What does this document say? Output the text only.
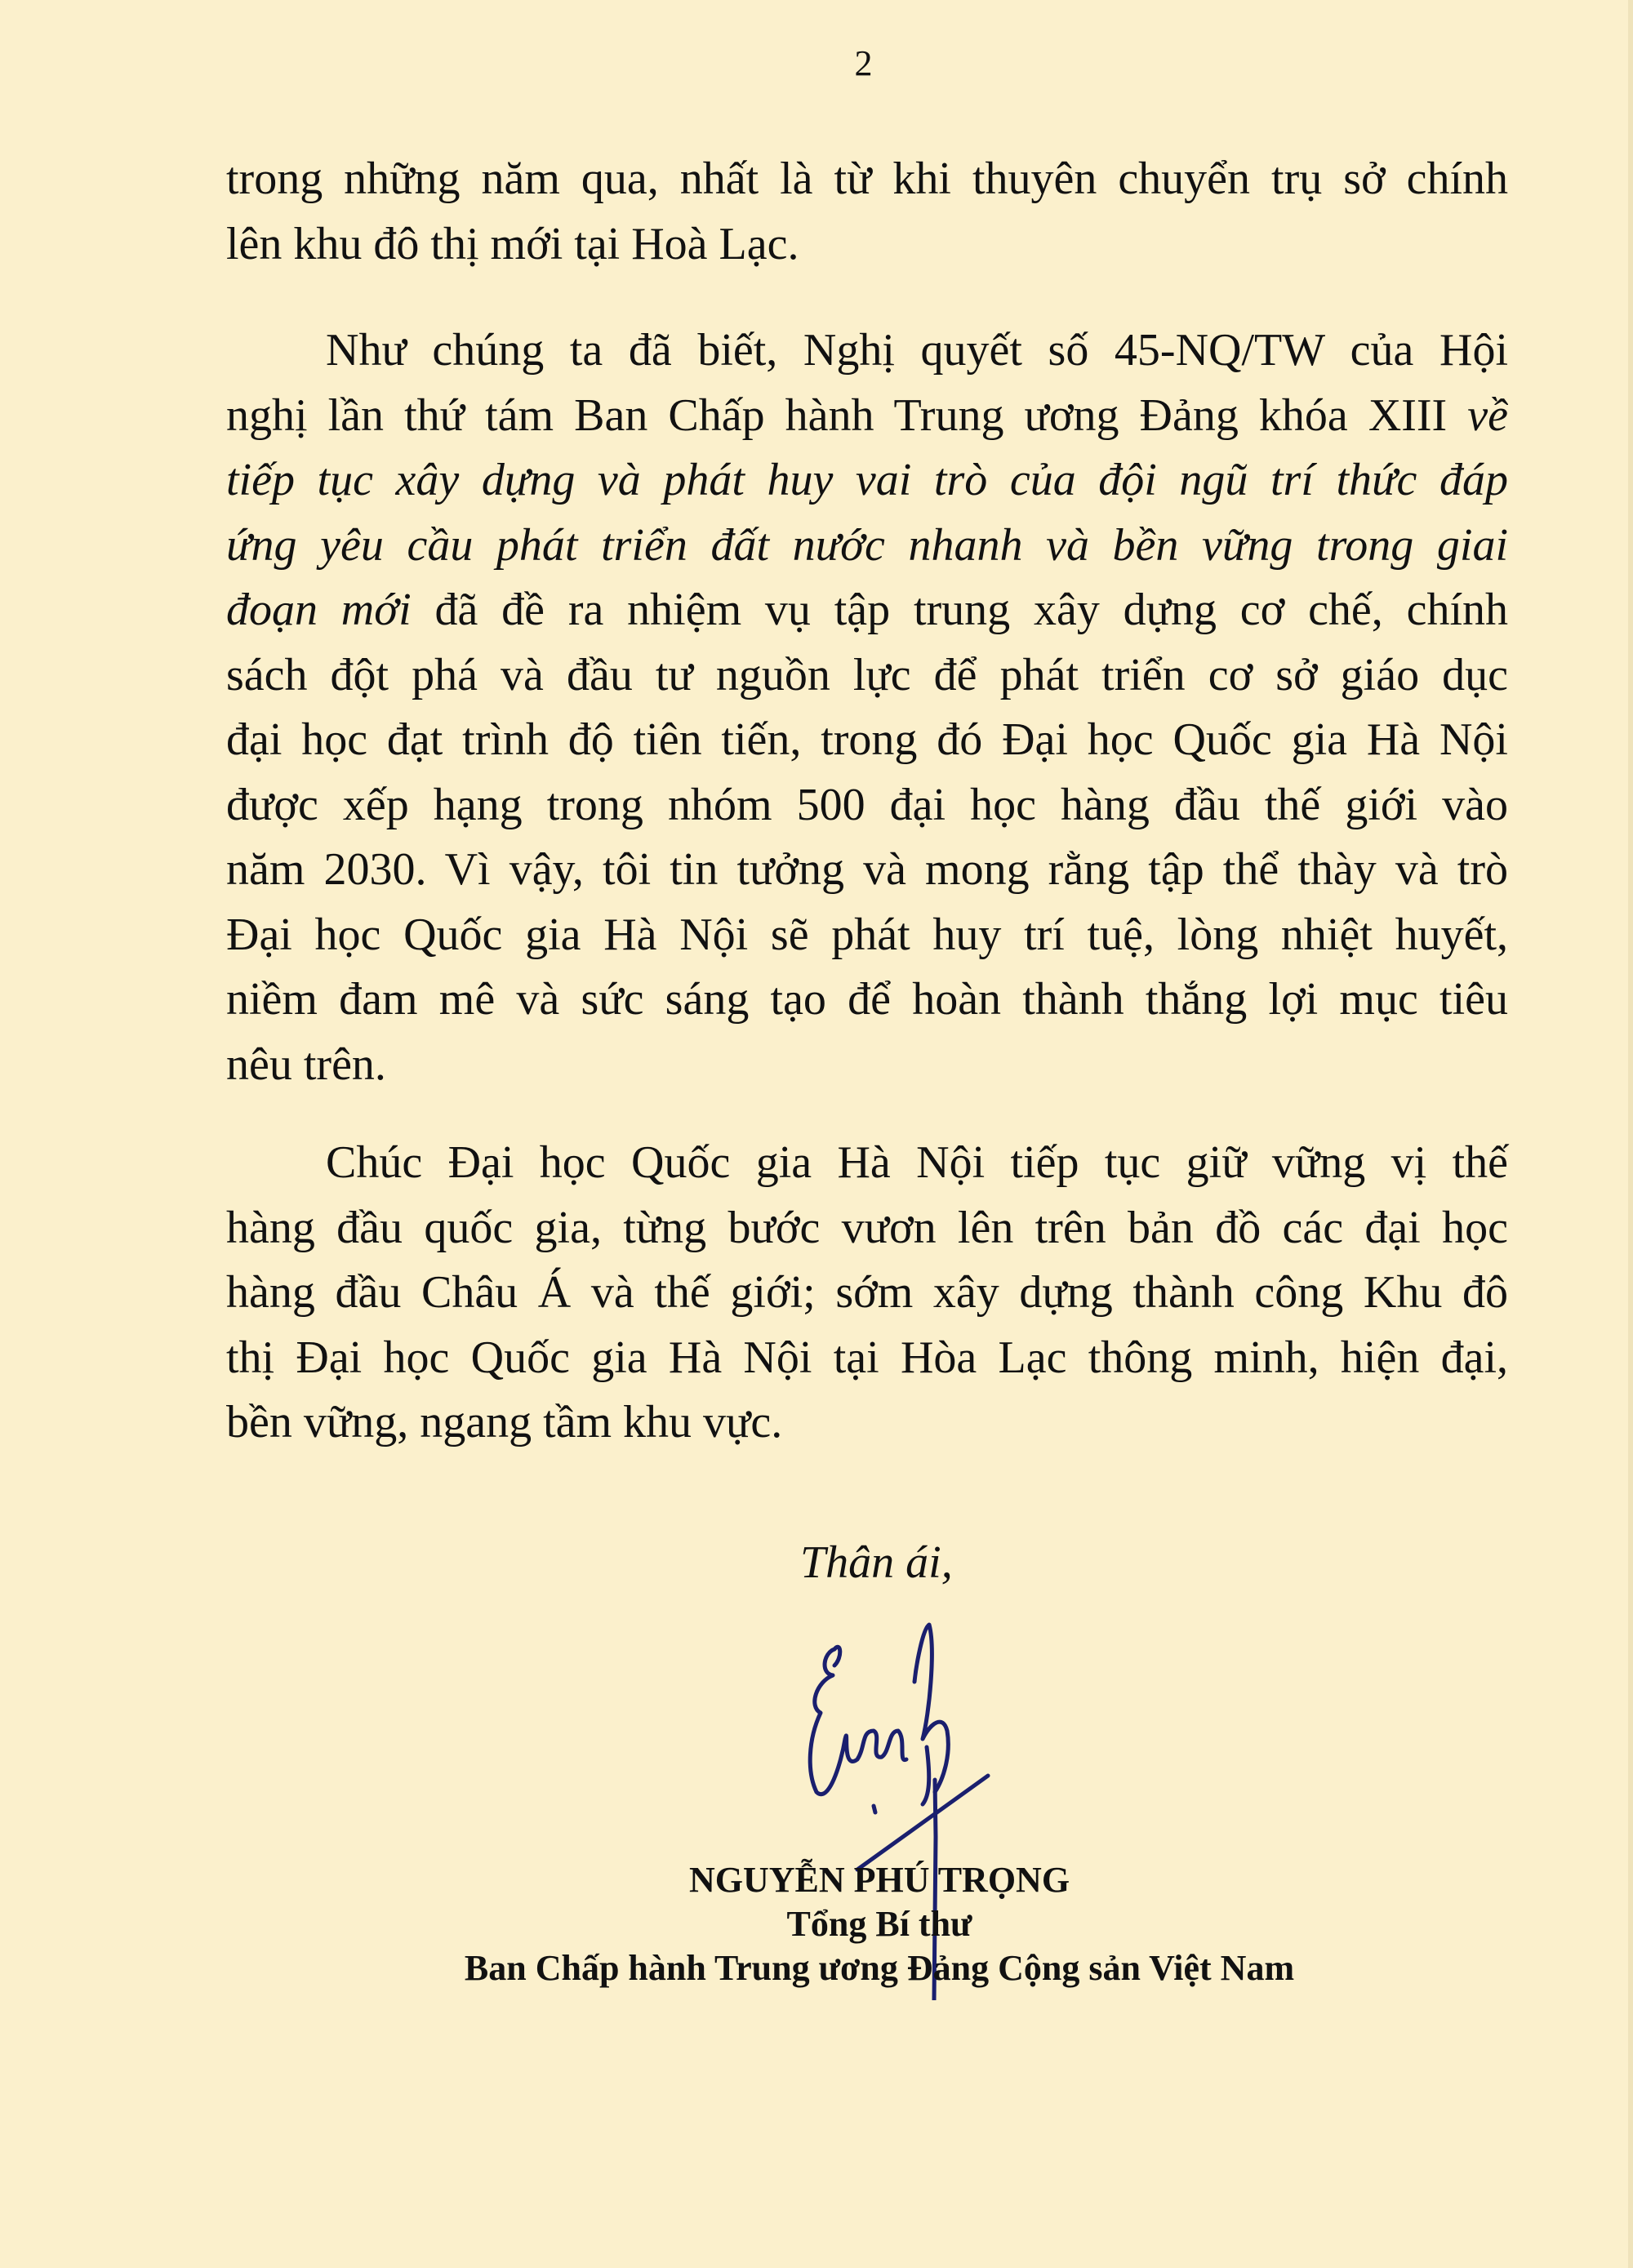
2
trong những năm qua, nhất là từ khi thuyên chuyển trụ sở chính
lên khu đô thị mới tại Hoà Lạc.
Như chúng ta đã biết, Nghị quyết số 45-NQ/TW của Hội
nghị lần thứ tám Ban Chấp hành Trung ương Đảng khóa XIII về
tiếp tục xây dựng và phát huy vai trò của đội ngũ trí thức đáp
ứng yêu cầu phát triển đất nước nhanh và bền vững trong giai
đoạn mới đã đề ra nhiệm vụ tập trung xây dựng cơ chế, chính
sách đột phá và đầu tư nguồn lực để phát triển cơ sở giáo dục
đại học đạt trình độ tiên tiến, trong đó Đại học Quốc gia Hà Nội
được xếp hạng trong nhóm 500 đại học hàng đầu thế giới vào
năm 2030. Vì vậy, tôi tin tưởng và mong rằng tập thể thày và trò
Đại học Quốc gia Hà Nội sẽ phát huy trí tuệ, lòng nhiệt huyết,
niềm đam mê và sức sáng tạo để hoàn thành thắng lợi mục tiêu
nêu trên.
Chúc Đại học Quốc gia Hà Nội tiếp tục giữ vững vị thế
hàng đầu quốc gia, từng bước vươn lên trên bản đồ các đại học
hàng đầu Châu Á và thế giới; sớm xây dựng thành công Khu đô
thị Đại học Quốc gia Hà Nội tại Hòa Lạc thông minh, hiện đại,
bền vững, ngang tầm khu vực.
Thân ái,
NGUYỄN PHÚ TRỌNG
Tổng Bí thư
Ban Chấp hành Trung ương Đảng Cộng sản Việt Nam
